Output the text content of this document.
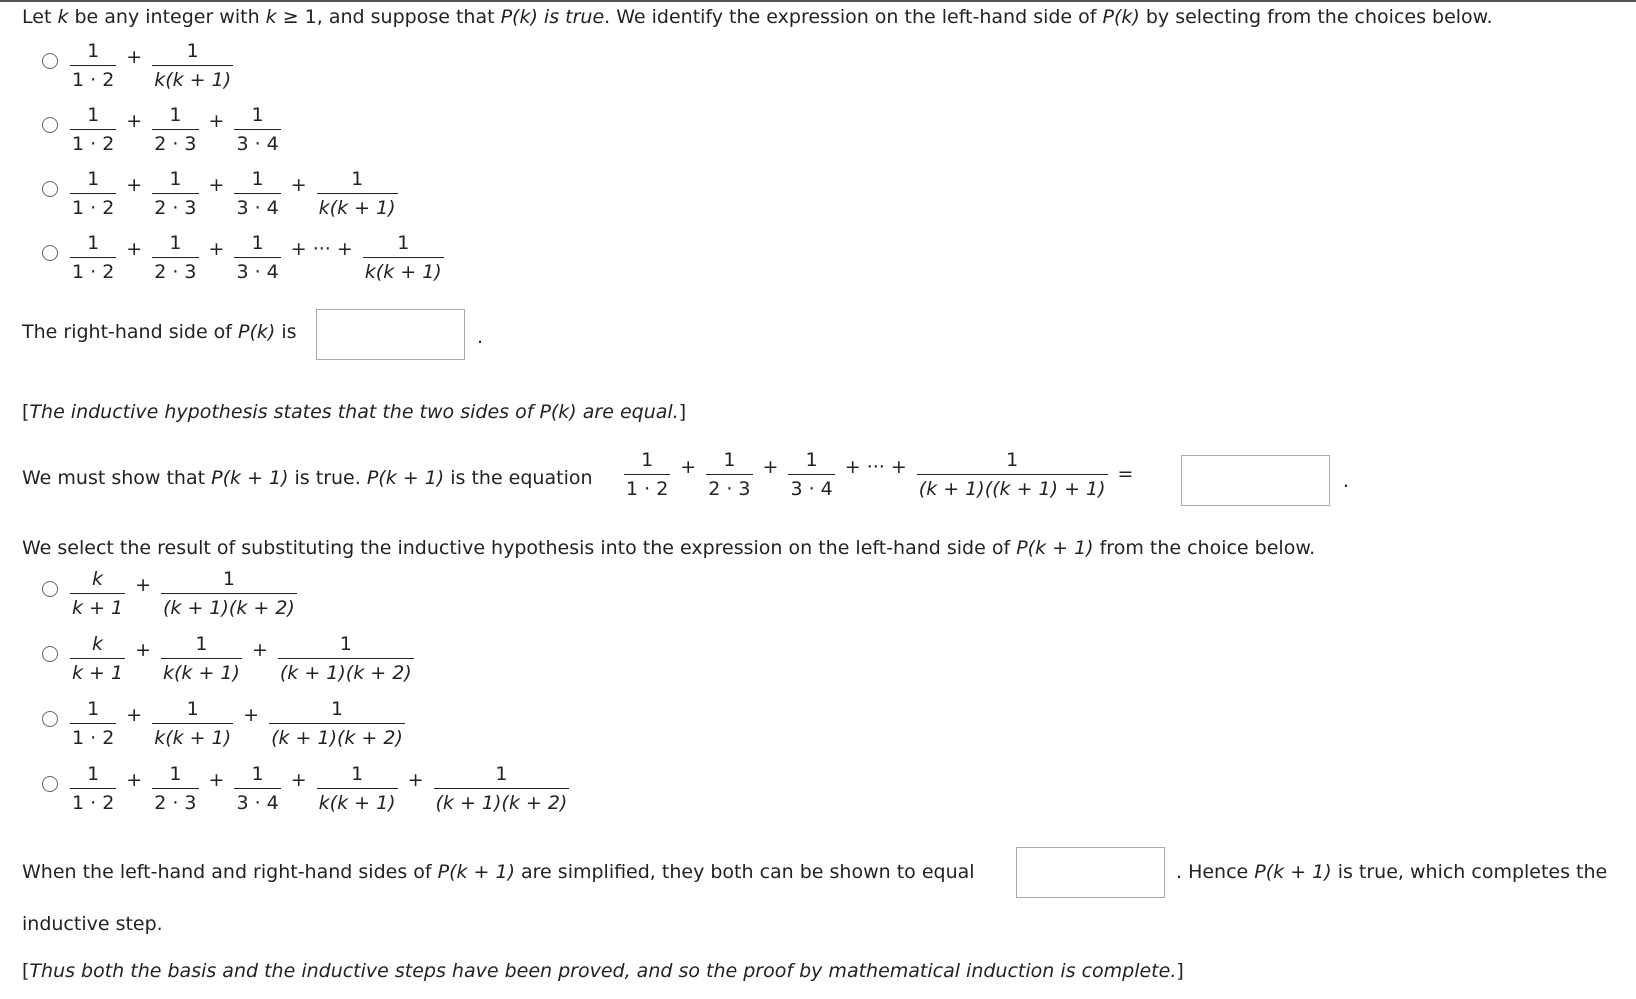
Let k be any integer with k ≥ 1, and suppose that P(k) is true. We identify the expression on the left-hand side of P(k) by selecting from the choices below.
$\frac{1}{1 \cdot 2} + \frac{1}{k(k + 1)}$
$\frac{1}{1 \cdot 2} + \frac{1}{2 \cdot 3} + \frac{1}{3 \cdot 4}$
$\frac{1}{1 \cdot 2} + \frac{1}{2 \cdot 3} + \frac{1}{3 \cdot 4} + \frac{1}{k(k + 1)}$
$\frac{1}{1 \cdot 2} + \frac{1}{2 \cdot 3} + \frac{1}{3 \cdot 4}$ + ··· + $\frac{1}{k(k + 1)}$
The right-hand side of P(k) is	.
[The inductive hypothesis states that the two sides of P(k) are equal.]
We must show that P(k + 1) is true. P(k + 1) is the equation $\frac{1}{1 \cdot 2} + \frac{1}{2 \cdot 3} + \frac{1}{3 \cdot 4}$ + ··· + $\frac{1}{(k + 1)((k + 1) + 1)}$ =	.
We select the result of substituting the inductive hypothesis into the expression on the left-hand side of P(k + 1) from the choice below.
$\frac{k}{k + 1} + \frac{1}{(k + 1)(k + 2)}$
$\frac{k}{k + 1} + \frac{1}{k(k + 1)} + \frac{1}{(k + 1)(k + 2)}$
$\frac{1}{1 \cdot 2} + \frac{1}{k(k + 1)} + \frac{1}{(k + 1)(k + 2)}$
$\frac{1}{1 \cdot 2} + \frac{1}{2 \cdot 3} + \frac{1}{3 \cdot 4} + \frac{1}{k(k + 1)} + \frac{1}{(k + 1)(k + 2)}$
When the left-hand and right-hand sides of P(k + 1) are simplified, they both can be shown to equal	. Hence P(k + 1) is true, which completes the
inductive step.
[Thus both the basis and the inductive steps have been proved, and so the proof by mathematical induction is complete.]
